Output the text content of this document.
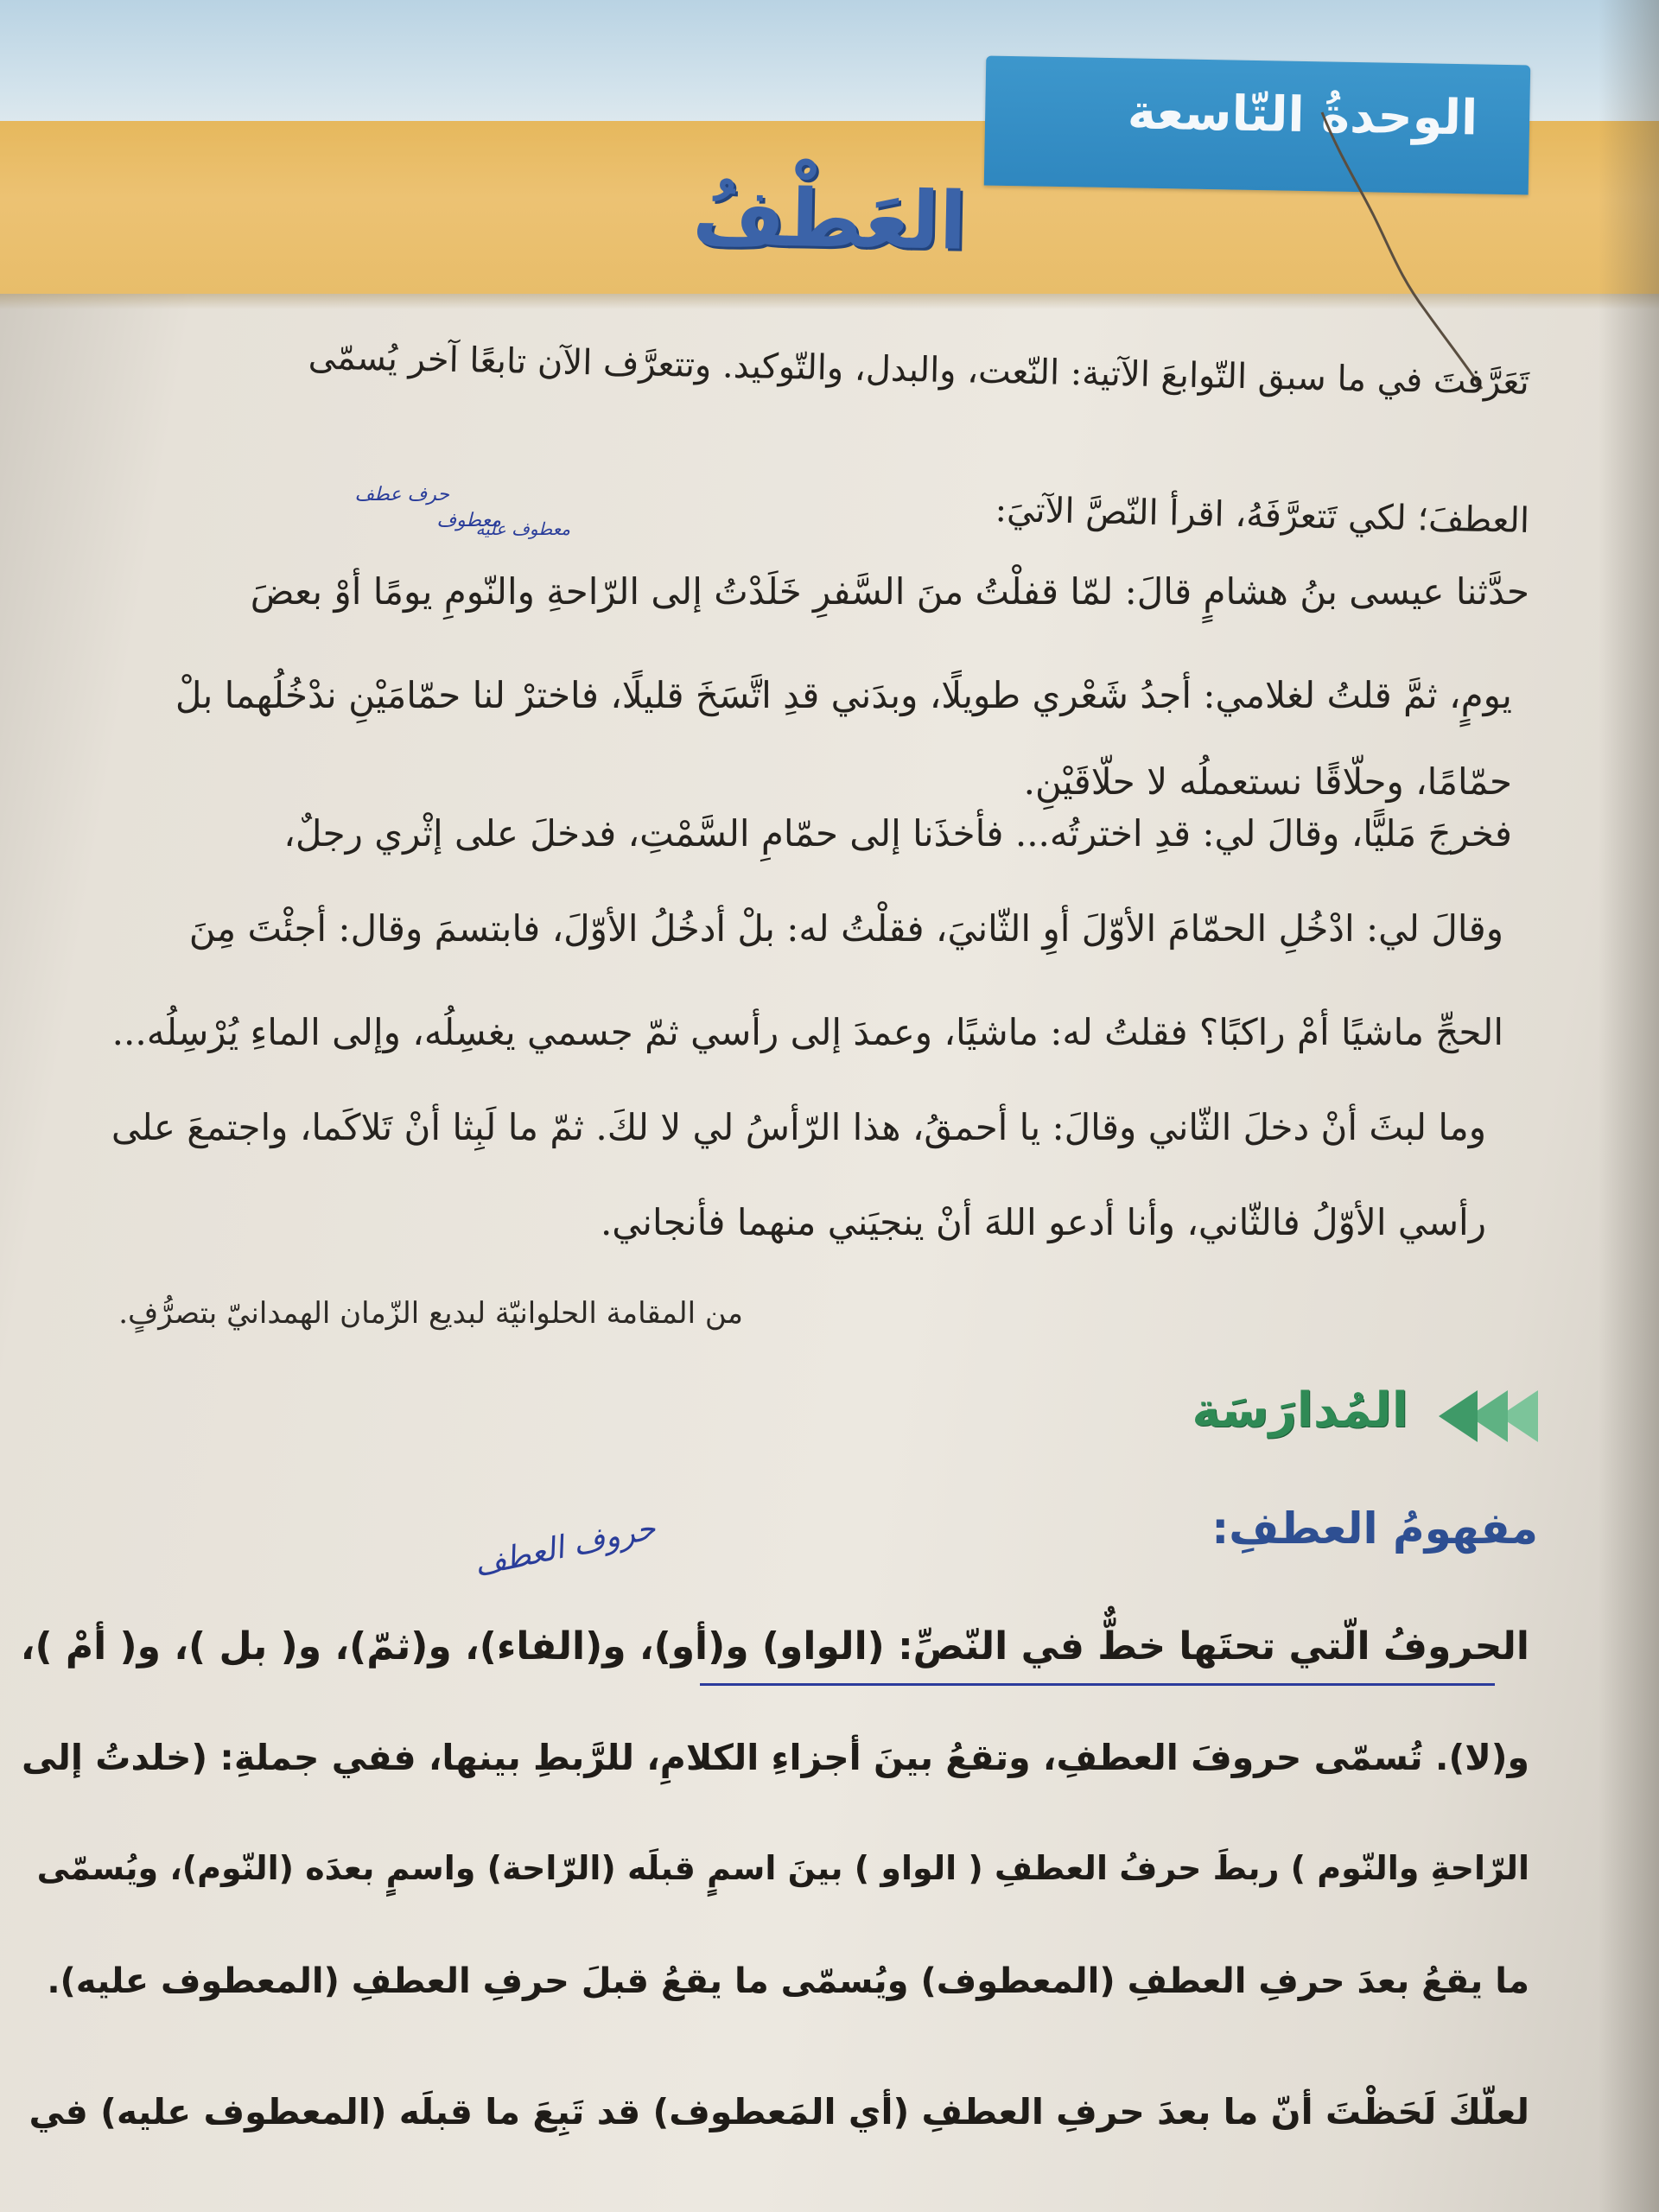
الوحدةُ التّاسعة
العَطْفُ
تَعَرَّفتَ في ما سبق التّوابعَ الآتية: النّعت، والبدل، والتّوكيد. وتتعرَّف الآن تابعًا آخر يُسمّى
العطفَ؛ لكي تَتعرَّفَهُ، اقرأ النّصَّ الآتيَ:
حرف عطف
معطوف
معطوف عليه
حدَّثنا عيسى بنُ هشامٍ قالَ: لمّا قفلْتُ منَ السَّفرِ خَلَدْتُ إلى الرّاحةِ والنّومِ يومًا أوْ بعضَ
يومٍ، ثمَّ قلتُ لغلامي: أجدُ شَعْري طويلًا، وبدَني قدِ اتَّسَخَ قليلًا، فاخترْ لنا حمّامَيْنِ ندْخُلُهما بلْ
حمّامًا، وحلّاقًا نستعملُه لا حلّاقَيْنِ.
فخرجَ مَليًّا، وقالَ لي: قدِ اخترتُه... فأخذَنا إلى حمّامِ السَّمْتِ، فدخلَ على إثْري رجلٌ،
وقالَ لي: ادْخُلِ الحمّامَ الأوّلَ أوِ الثّانيَ، فقلْتُ له: بلْ أدخُلُ الأوّلَ، فابتسمَ وقال: أجئْتَ مِنَ
الحجِّ ماشيًا أمْ راكبًا؟ فقلتُ له: ماشيًا، وعمدَ إلى رأسي ثمّ جسمي يغسِلُه، وإلى الماءِ يُرْسِلُه...
وما لبثَ أنْ دخلَ الثّاني وقالَ: يا أحمقُ، هذا الرّأسُ لي لا لكَ. ثمّ ما لَبِثا أنْ تَلاكَما، واجتمعَ على
رأسي الأوّلُ فالثّاني، وأنا أدعو اللهَ أنْ ينجيَني منهما فأنجاني.
من المقامة الحلوانيّة لبديع الزّمان الهمدانيّ بتصرُّفٍ.
المُدارَسَة
مفهومُ العطفِ:
حروف العطف
الحروفُ الّتي تحتَها خطٌّ في النّصِّ: (الواو) و(أو)، و(الفاء)، و(ثمّ)، و( بل )، و( أمْ )،
و(لا). تُسمّى حروفَ العطفِ، وتقعُ بينَ أجزاءِ الكلامِ، للرَّبطِ بينها، ففي جملةِ: (خلدتُ إلى
الرّاحةِ والنّوم ) ربطَ حرفُ العطفِ ( الواو ) بينَ اسمٍ قبلَه (الرّاحة) واسمٍ بعدَه (النّوم)، ويُسمّى
ما يقعُ بعدَ حرفِ العطفِ (المعطوف) ويُسمّى ما يقعُ قبلَ حرفِ العطفِ (المعطوف عليه).
لعلّكَ لَحَظْتَ أنّ ما بعدَ حرفِ العطفِ (أي المَعطوف) قد تَبِعَ ما قبلَه (المعطوف عليه) في
